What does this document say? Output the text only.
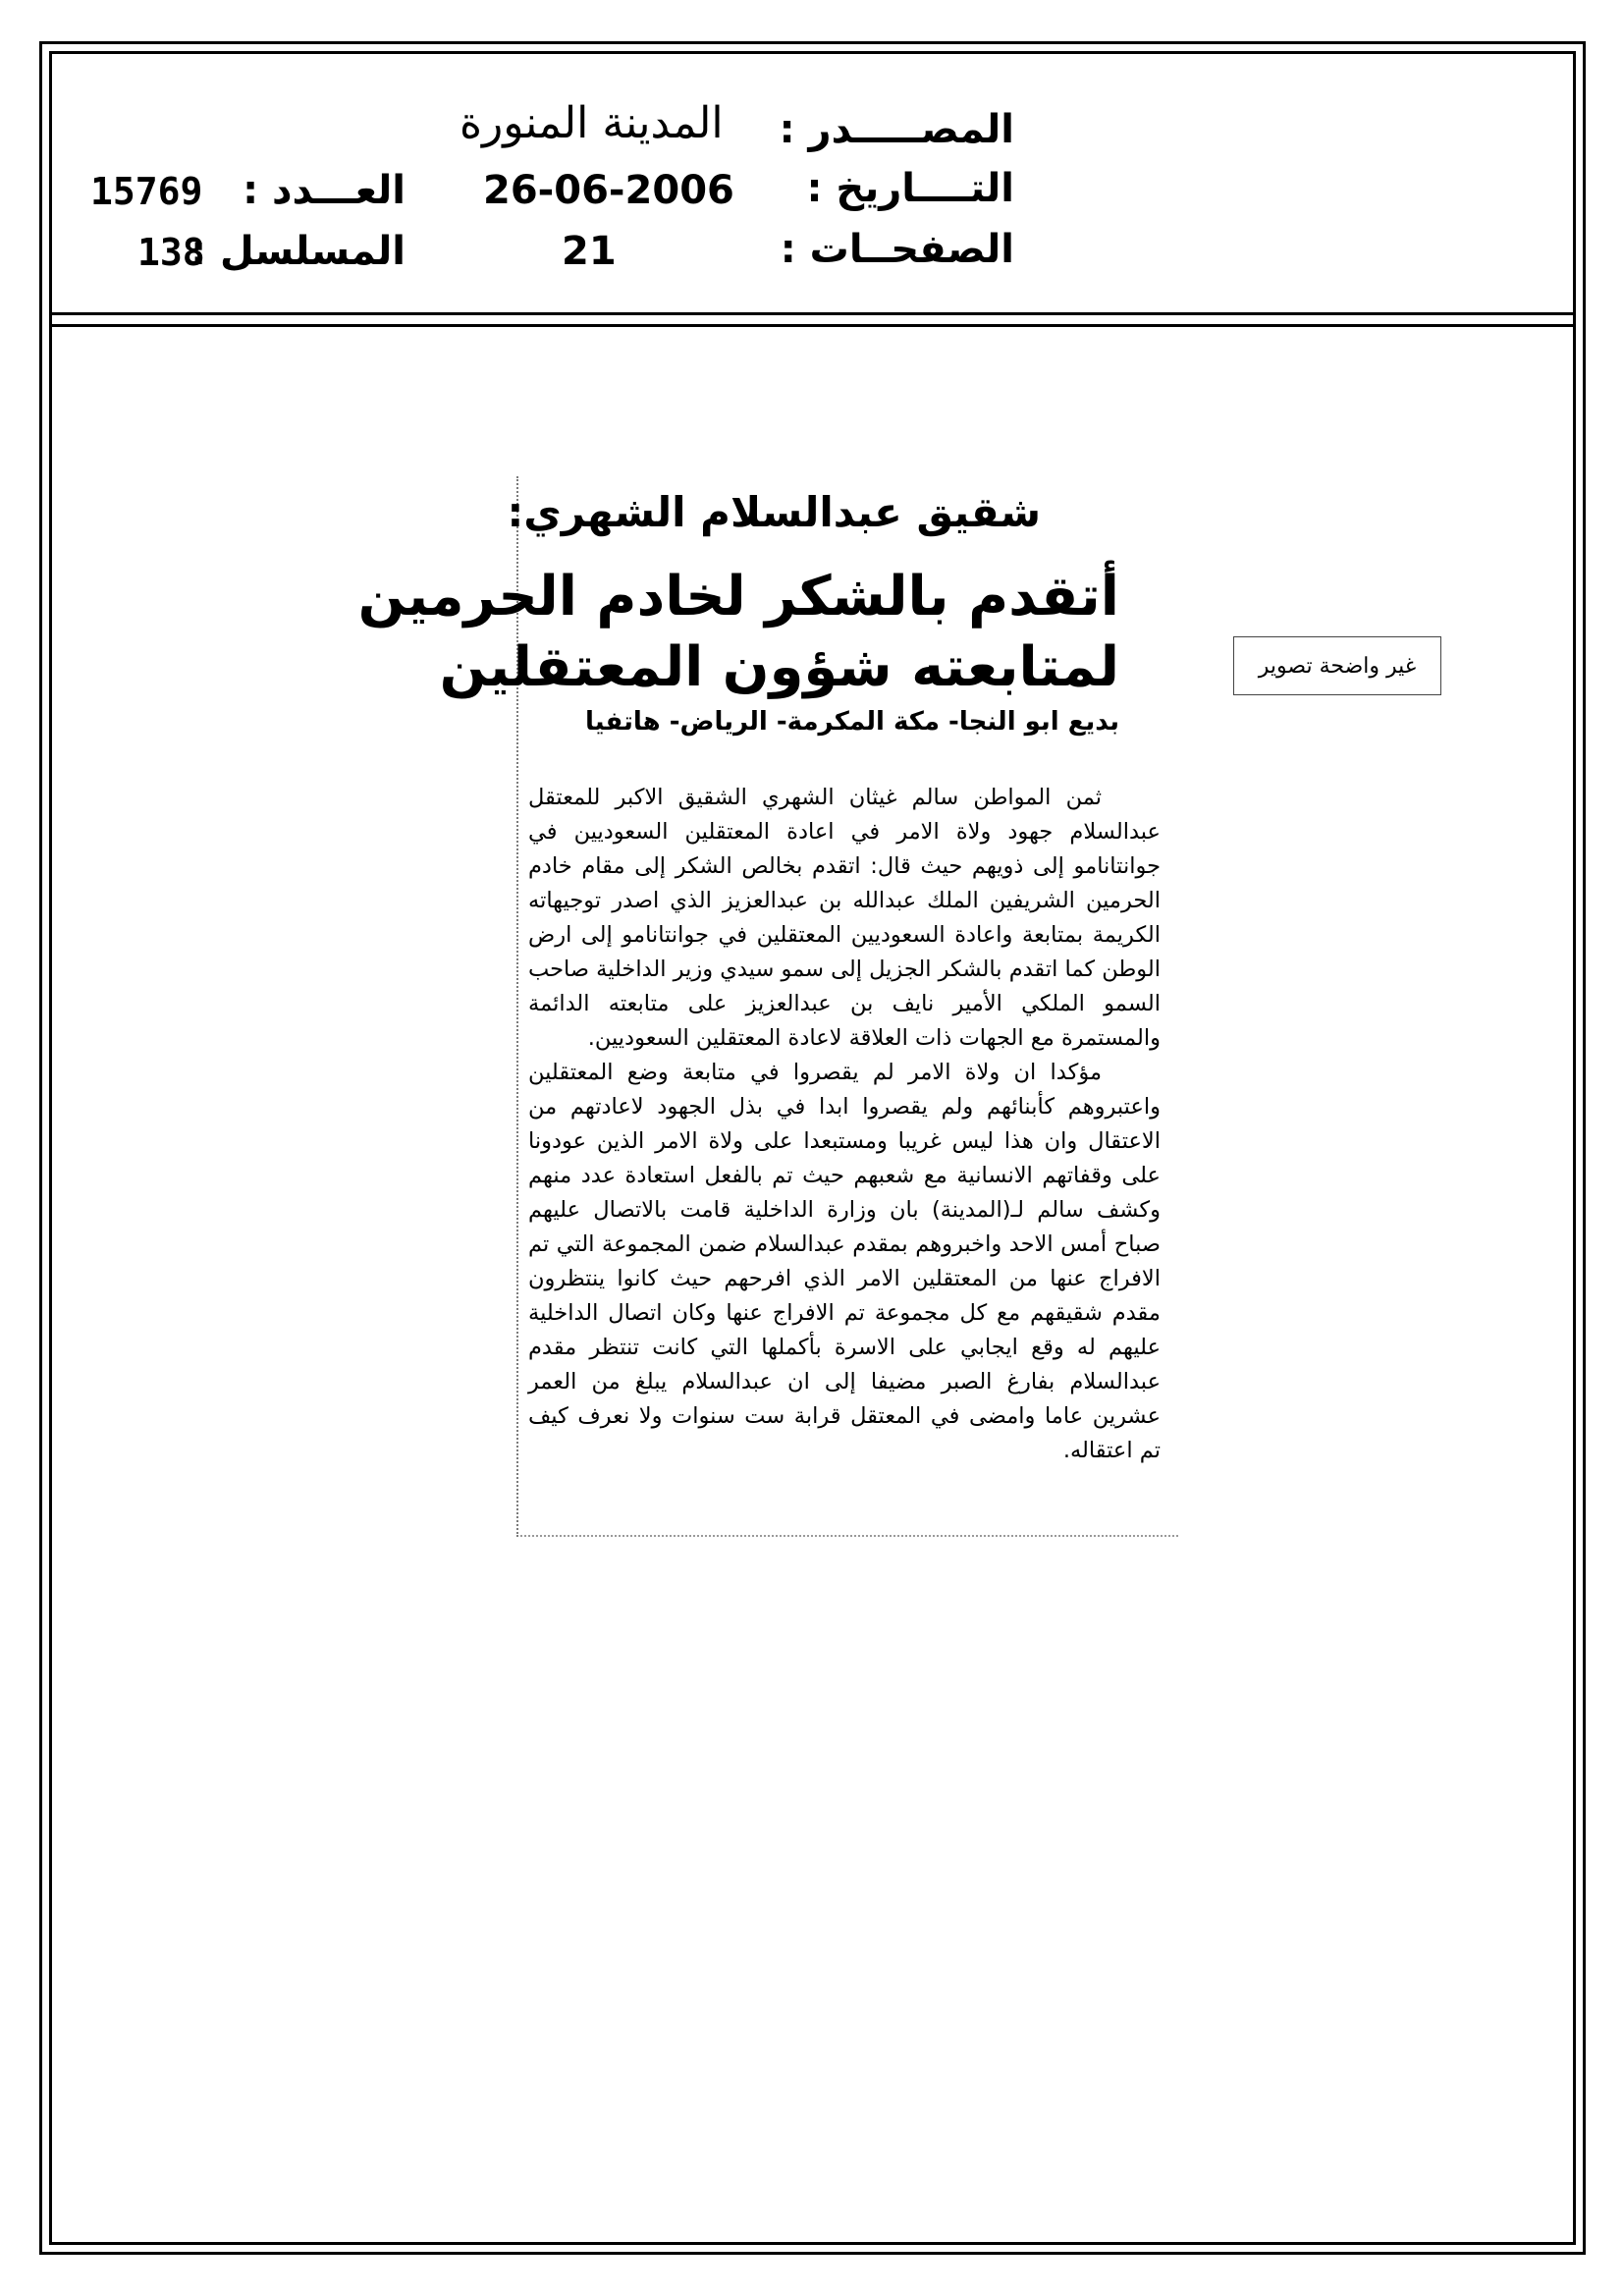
المصـــــدر :
المدينة المنورة
التــــاريخ :
26-06-2006
العـــدد :
15769
الصفحــات :
21
المسلسل :
138
شقيق عبدالسلام الشهري:
أتقدم بالشكر لخادم الحرمين
لمتابعته شؤون المعتقلين
بديع ابو النجا- مكة المكرمة- الرياض- هاتفيا

ثمن المواطن سالم غيثان الشهري الشقيق الاكبر للمعتقل عبدالسلام جهود ولاة الامر في اعادة المعتقلين السعوديين في جوانتانامو إلى ذويهم حيث قال: اتقدم بخالص الشكر إلى مقام خادم الحرمين الشريفين الملك عبدالله بن عبدالعزيز الذي اصدر توجيهاته الكريمة بمتابعة واعادة السعوديين المعتقلين في جوانتانامو إلى ارض الوطن كما اتقدم بالشكر الجزيل إلى سمو سيدي وزير الداخلية صاحب السمو الملكي الأمير نايف بن عبدالعزيز على متابعته الدائمة والمستمرة مع الجهات ذات العلاقة لاعادة المعتقلين السعوديين.

مؤكدا ان ولاة الامر لم يقصروا في متابعة وضع المعتقلين واعتبروهم كأبنائهم ولم يقصروا ابدا في بذل الجهود لاعادتهم من الاعتقال وان هذا ليس غريبا ومستبعدا على ولاة الامر الذين عودونا على وقفاتهم الانسانية مع شعبهم حيث تم بالفعل استعادة عدد منهم وكشف سالم لـ(المدينة) بان وزارة الداخلية قامت بالاتصال عليهم صباح أمس الاحد واخبروهم بمقدم عبدالسلام ضمن المجموعة التي تم الافراج عنها من المعتقلين الامر الذي افرحهم حيث كانوا ينتظرون مقدم شقيقهم مع كل مجموعة تم الافراج عنها وكان اتصال الداخلية عليهم له وقع ايجابي على الاسرة بأكملها التي كانت تنتظر مقدم عبدالسلام بفارغ الصبر مضيفا إلى ان عبدالسلام يبلغ من العمر عشرين عاما وامضى في المعتقل قرابة ست سنوات ولا نعرف كيف تم اعتقاله.

غير واضحة تصوير
